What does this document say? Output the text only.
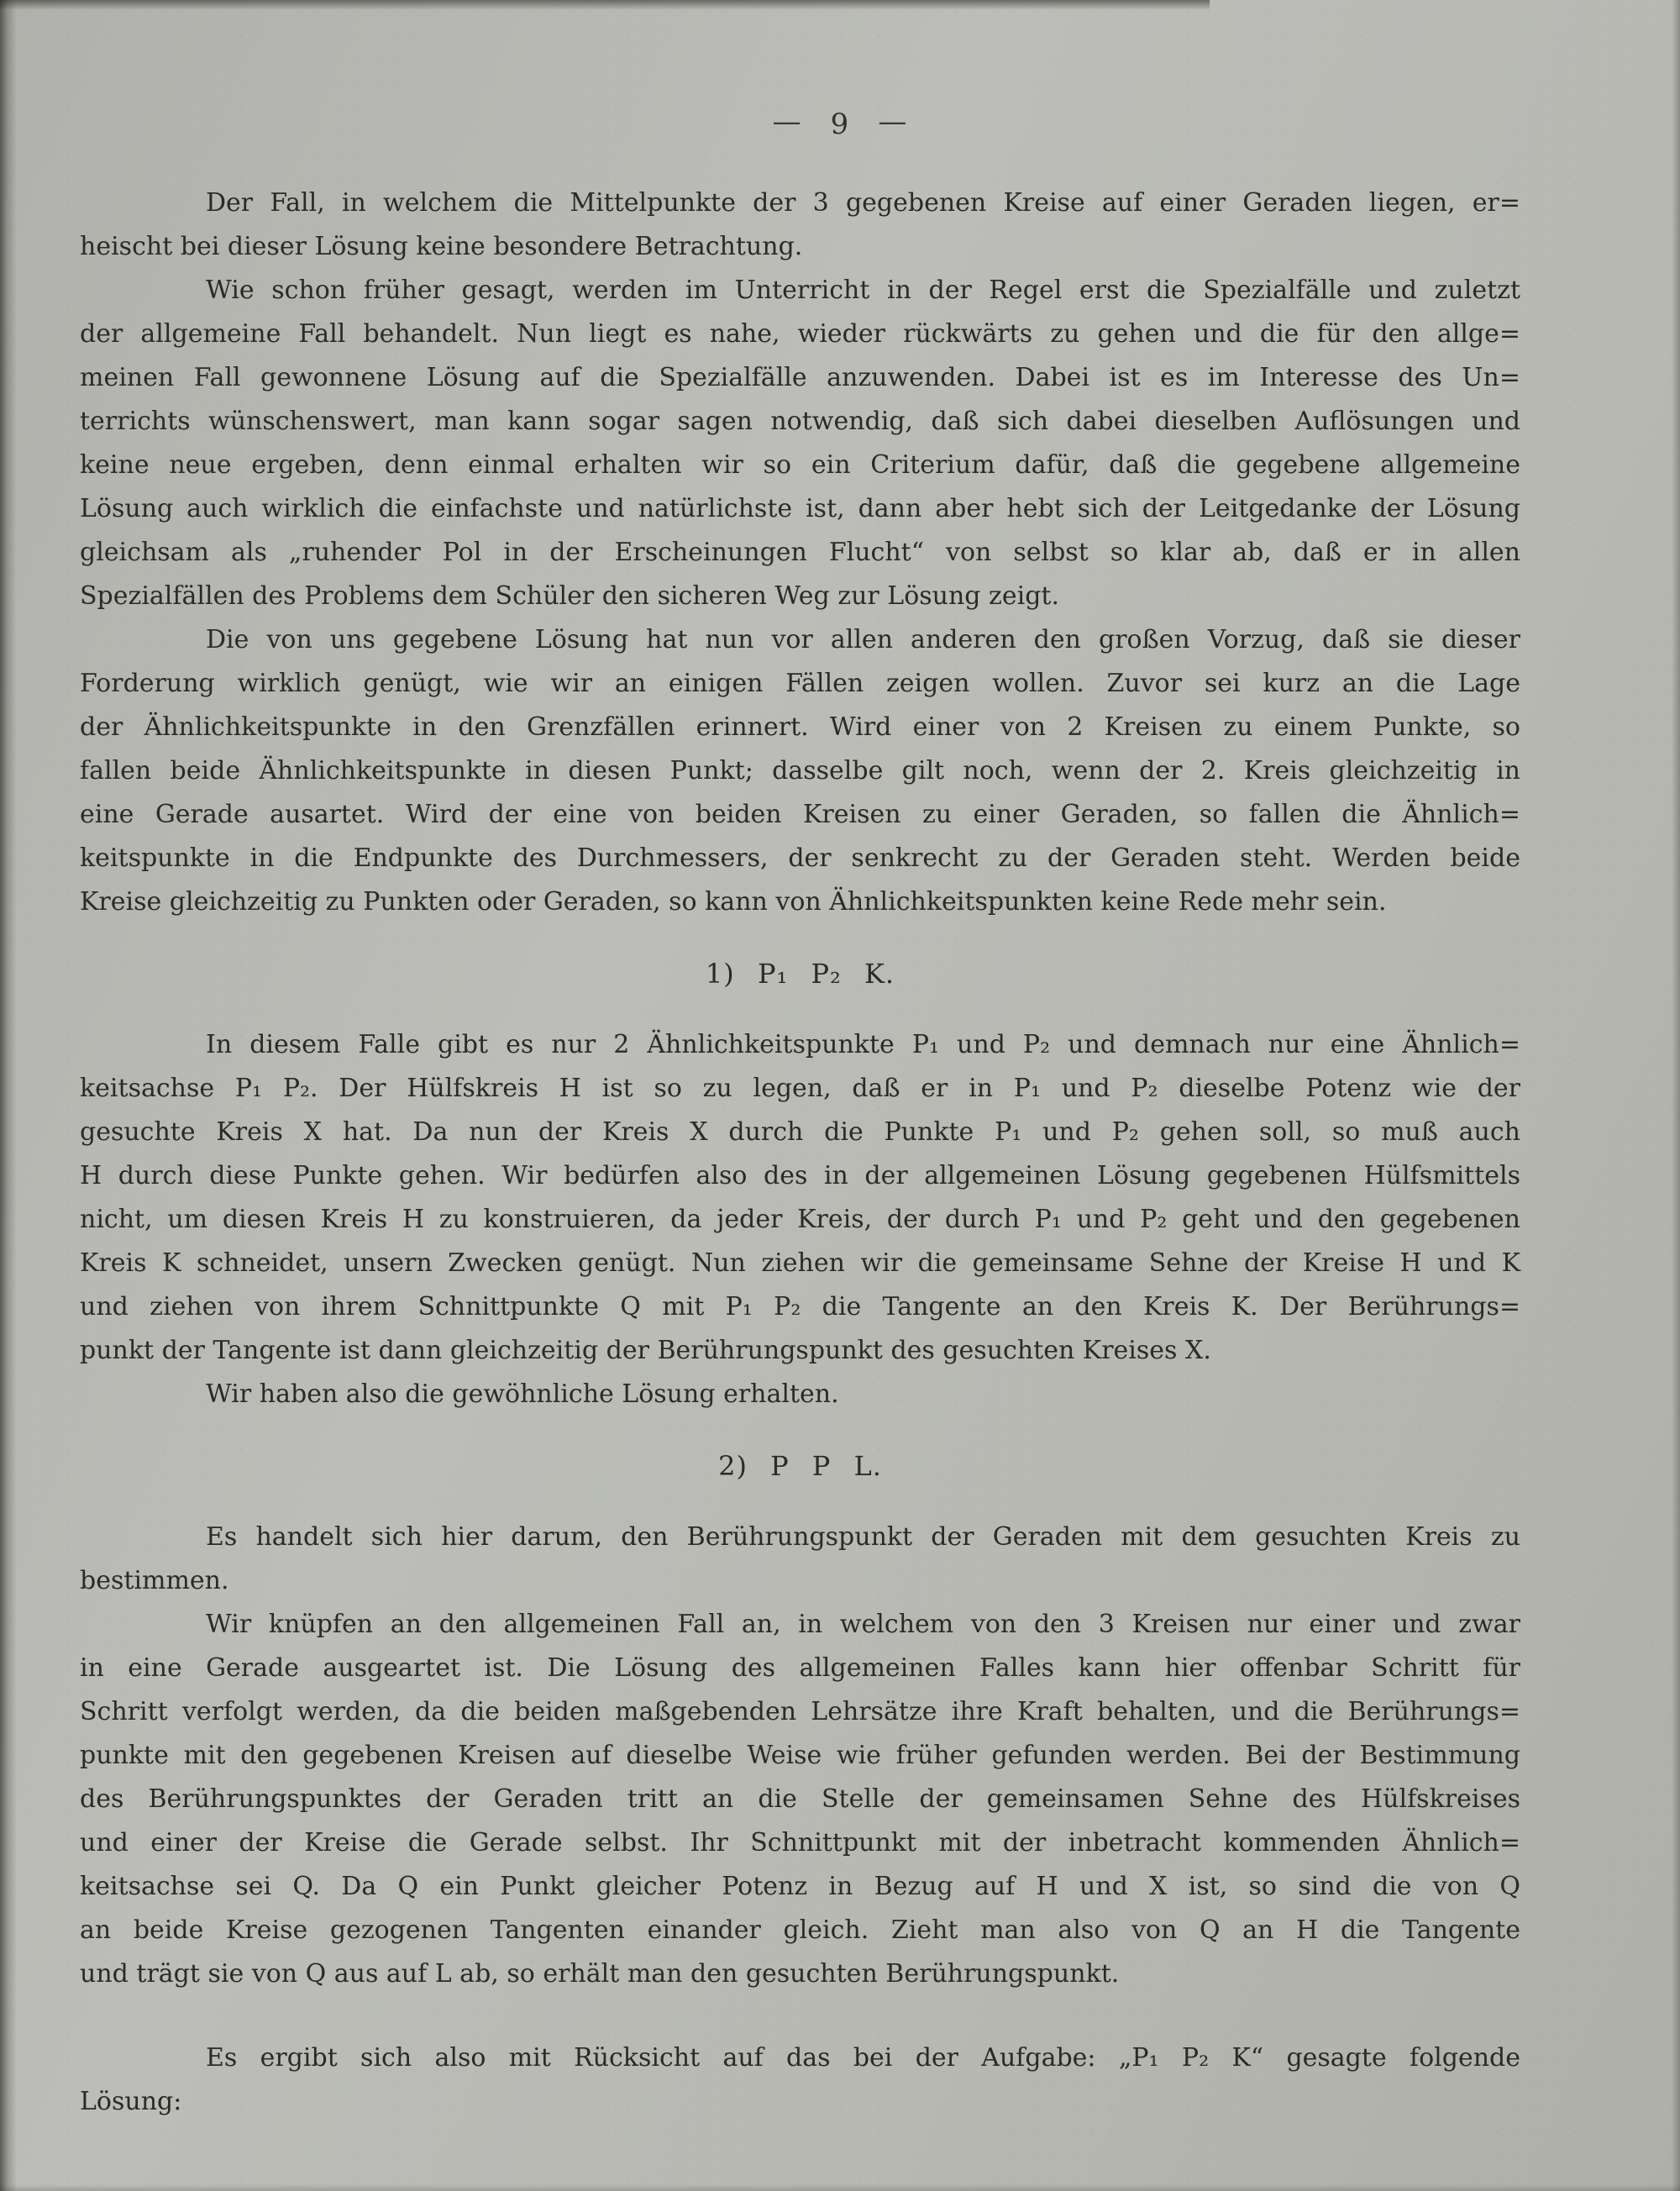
— 9 —
Der Fall, in welchem die Mittelpunkte der 3 gegebenen Kreise auf einer Geraden liegen, er=
heischt bei dieser Lösung keine besondere Betrachtung.
Wie schon früher gesagt, werden im Unterricht in der Regel erst die Spezialfälle und zuletzt
der allgemeine Fall behandelt. Nun liegt es nahe, wieder rückwärts zu gehen und die für den allge=
meinen Fall gewonnene Lösung auf die Spezialfälle anzuwenden. Dabei ist es im Interesse des Un=
terrichts wünschenswert, man kann sogar sagen notwendig, daß sich dabei dieselben Auflösungen und
keine neue ergeben, denn einmal erhalten wir so ein Criterium dafür, daß die gegebene allgemeine
Lösung auch wirklich die einfachste und natürlichste ist, dann aber hebt sich der Leitgedanke der Lösung
gleichsam als „ruhender Pol in der Erscheinungen Flucht“ von selbst so klar ab, daß er in allen
Spezialfällen des Problems dem Schüler den sicheren Weg zur Lösung zeigt.
Die von uns gegebene Lösung hat nun vor allen anderen den großen Vorzug, daß sie dieser
Forderung wirklich genügt, wie wir an einigen Fällen zeigen wollen. Zuvor sei kurz an die Lage
der Ähnlichkeitspunkte in den Grenzfällen erinnert. Wird einer von 2 Kreisen zu einem Punkte, so
fallen beide Ähnlichkeitspunkte in diesen Punkt; dasselbe gilt noch, wenn der 2. Kreis gleichzeitig in
eine Gerade ausartet. Wird der eine von beiden Kreisen zu einer Geraden, so fallen die Ähnlich=
keitspunkte in die Endpunkte des Durchmessers, der senkrecht zu der Geraden steht. Werden beide
Kreise gleichzeitig zu Punkten oder Geraden, so kann von Ähnlichkeitspunkten keine Rede mehr sein.
1) P₁ P₂ K.
In diesem Falle gibt es nur 2 Ähnlichkeitspunkte P₁ und P₂ und demnach nur eine Ähnlich=
keitsachse P₁ P₂. Der Hülfskreis H ist so zu legen, daß er in P₁ und P₂ dieselbe Potenz wie der
gesuchte Kreis X hat. Da nun der Kreis X durch die Punkte P₁ und P₂ gehen soll, so muß auch
H durch diese Punkte gehen. Wir bedürfen also des in der allgemeinen Lösung gegebenen Hülfsmittels
nicht, um diesen Kreis H zu konstruieren, da jeder Kreis, der durch P₁ und P₂ geht und den gegebenen
Kreis K schneidet, unsern Zwecken genügt. Nun ziehen wir die gemeinsame Sehne der Kreise H und K
und ziehen von ihrem Schnittpunkte Q mit P₁ P₂ die Tangente an den Kreis K. Der Berührungs=
punkt der Tangente ist dann gleichzeitig der Berührungspunkt des gesuchten Kreises X.
Wir haben also die gewöhnliche Lösung erhalten.
2) P P L.
Es handelt sich hier darum, den Berührungspunkt der Geraden mit dem gesuchten Kreis zu
bestimmen.
Wir knüpfen an den allgemeinen Fall an, in welchem von den 3 Kreisen nur einer und zwar
in eine Gerade ausgeartet ist. Die Lösung des allgemeinen Falles kann hier offenbar Schritt für
Schritt verfolgt werden, da die beiden maßgebenden Lehrsätze ihre Kraft behalten, und die Berührungs=
punkte mit den gegebenen Kreisen auf dieselbe Weise wie früher gefunden werden. Bei der Bestimmung
des Berührungspunktes der Geraden tritt an die Stelle der gemeinsamen Sehne des Hülfskreises
und einer der Kreise die Gerade selbst. Ihr Schnittpunkt mit der inbetracht kommenden Ähnlich=
keitsachse sei Q. Da Q ein Punkt gleicher Potenz in Bezug auf H und X ist, so sind die von Q
an beide Kreise gezogenen Tangenten einander gleich. Zieht man also von Q an H die Tangente
und trägt sie von Q aus auf L ab, so erhält man den gesuchten Berührungspunkt.
Es ergibt sich also mit Rücksicht auf das bei der Aufgabe: „P₁ P₂ K“ gesagte folgende
Lösung:
